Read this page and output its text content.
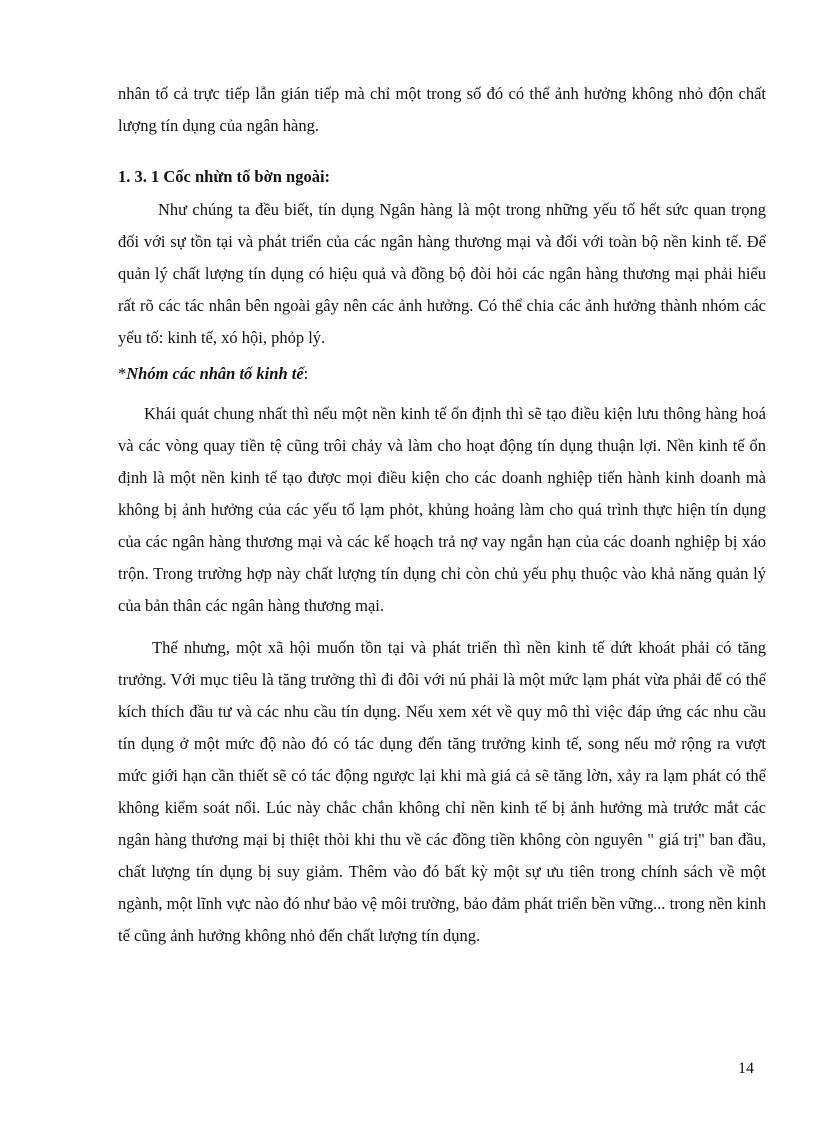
nhân tố cả trực tiếp lẫn gián tiếp mà chỉ một trong số đó có thể ảnh hưởng không nhỏ độn chất lượng tín dụng của ngân hàng.

1. 3. 1 Cốc nhừn tố bờn ngoài:

Như chúng ta đều biết, tín dụng Ngân hàng là một trong những yếu tố hết sức quan trọng đối với sự tồn tại và phát triển của các ngân hàng thương mại và đối với toàn bộ nền kinh tế. Để quản lý chất lượng tín dụng có hiệu quả và đồng bộ đòi hỏi các ngân hàng thương mại phải hiểu rất rõ các tác nhân bên ngoài gây nên các ảnh hưởng. Có thể chia các ảnh hưởng thành nhóm các yếu tố: kinh tế, xó hội, phỏp lý.

*Nhóm các nhân tố kinh tế:

Khái quát chung nhất thì nếu một nền kinh tế ổn định thì sẽ tạo điều kiện lưu thông hàng hoá và các vòng quay tiền tệ cũng trôi chảy và làm cho hoạt động tín dụng thuận lợi. Nền kinh tế ổn định là một nền kinh tế tạo được mọi điều kiện cho các doanh nghiệp tiến hành kinh doanh mà không bị ảnh hưởng của các yếu tố lạm phỏt, khủng hoảng làm cho quá trình thực hiện tín dụng của các ngân hàng thương mại và các kế hoạch trả nợ vay ngắn hạn của các doanh nghiệp bị xáo trộn. Trong trường hợp này chất lượng tín dụng chỉ còn chủ yếu phụ thuộc vào khả năng quản lý của bản thân các ngân hàng thương mại.

Thế nhưng, một xã hội muốn tồn tại và phát triển thì nền kinh tế dứt khoát phải có tăng trưởng. Với mục tiêu là tăng trưởng thì đi đôi với nú phải là một mức lạm phát vừa phải để có thể kích thích đầu tư và các nhu cầu tín dụng. Nếu xem xét về quy mô thì việc đáp ứng các nhu cầu tín dụng ở một mức độ nào đó có tác dụng đến tăng trưởng kinh tế, song nếu mở rộng ra vượt mức giới hạn cần thiết sẽ có tác động ngược lại khi mà giá cả sẽ tăng lờn, xảy ra lạm phát có thể không kiểm soát nổi. Lúc này chắc chắn không chỉ nền kinh tế bị ảnh hưởng mà trước mắt các ngân hàng thương mại bị thiệt thòi khi thu về các đồng tiền không còn nguyên " giá trị" ban đầu, chất lượng tín dụng bị suy giảm. Thêm vào đó bất kỳ một sự ưu tiên trong chính sách về một ngành, một lĩnh vực nào đó như bảo vệ môi trường, bảo đảm phát triển bền vững... trong nền kinh tế cũng ảnh hưởng không nhỏ đến chất lượng tín dụng.

14
